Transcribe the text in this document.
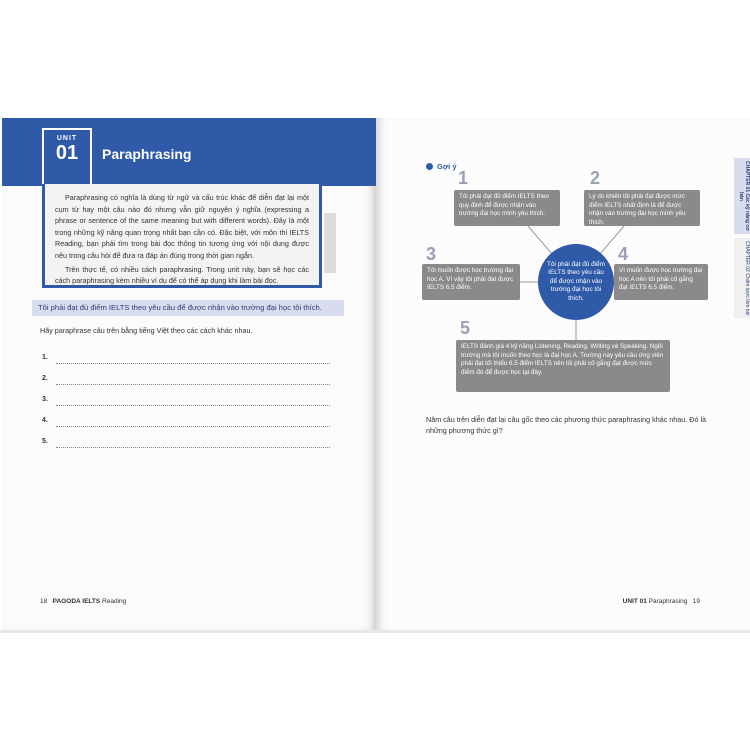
UNIT
01	Paraphrasing

Paraphrasing có nghĩa là dùng từ ngữ và cấu trúc khác để diễn đạt lại một cụm từ hay một câu nào đó nhưng vẫn giữ nguyên ý nghĩa (expressing a phrase or sentence of the same meaning but with different words). Đây là một trong những kỹ năng quan trọng nhất bạn cần có. Đặc biệt, với môn thi IELTS Reading, bạn phải tìm trong bài đọc thông tin tương ứng với nội dung được nêu trong câu hỏi để đưa ra đáp án đúng trong thời gian ngắn.

Trên thực tế, có nhiều cách paraphrasing. Trong unit này, bạn sẽ học các cách paraphrasing kèm nhiều ví dụ để có thể áp dụng khi làm bài đọc.

Tôi phải đạt đủ điểm IELTS theo yêu cầu để được nhận vào trường đại học tôi thích.
Hãy paraphrase câu trên bằng tiếng Việt theo các cách khác nhau.
1.
2.
3.
4.
5.
18 PAGODA IELTS Reading
Gợi ý
1
Tôi phải đạt đủ điểm IELTS theo quy định để được nhận vào trường đại học mình yêu thích.
2
Lý do khiến tôi phải đạt được mức điểm IELTS nhất định là để được nhận vào trường đại học mình yêu thích.
3
Tôi muốn được học trường đại học A. Vì vậy tôi phải đạt được IELTS 6.5 điểm.
4
Vì muốn được học trường đại học A nên tôi phải cố gắng đạt IELTS 6.5 điểm.
5
IELTS đánh giá 4 kỹ năng Listening, Reading, Writing và Speaking. Ngôi trường mà tôi muốn theo học là đại học A. Trường này yêu cầu ứng viên phải đạt tối thiểu 6.5 điểm IELTS nên tôi phải cố gắng đạt được mức điểm đó để được học tại đây.
Tôi phải đạt đủ điểm IELTS theo yêu cầu để được nhận vào trường đại học tôi thích.
Năm câu trên diễn đạt lại câu gốc theo các phương thức paraphrasing khác nhau. Đó là những phương thức gì?
CHAPTER 01 Các kỹ năng cơ bản
CHAPTER 02 Chiến lược làm bài
UNIT 01 Paraphrasing 19
